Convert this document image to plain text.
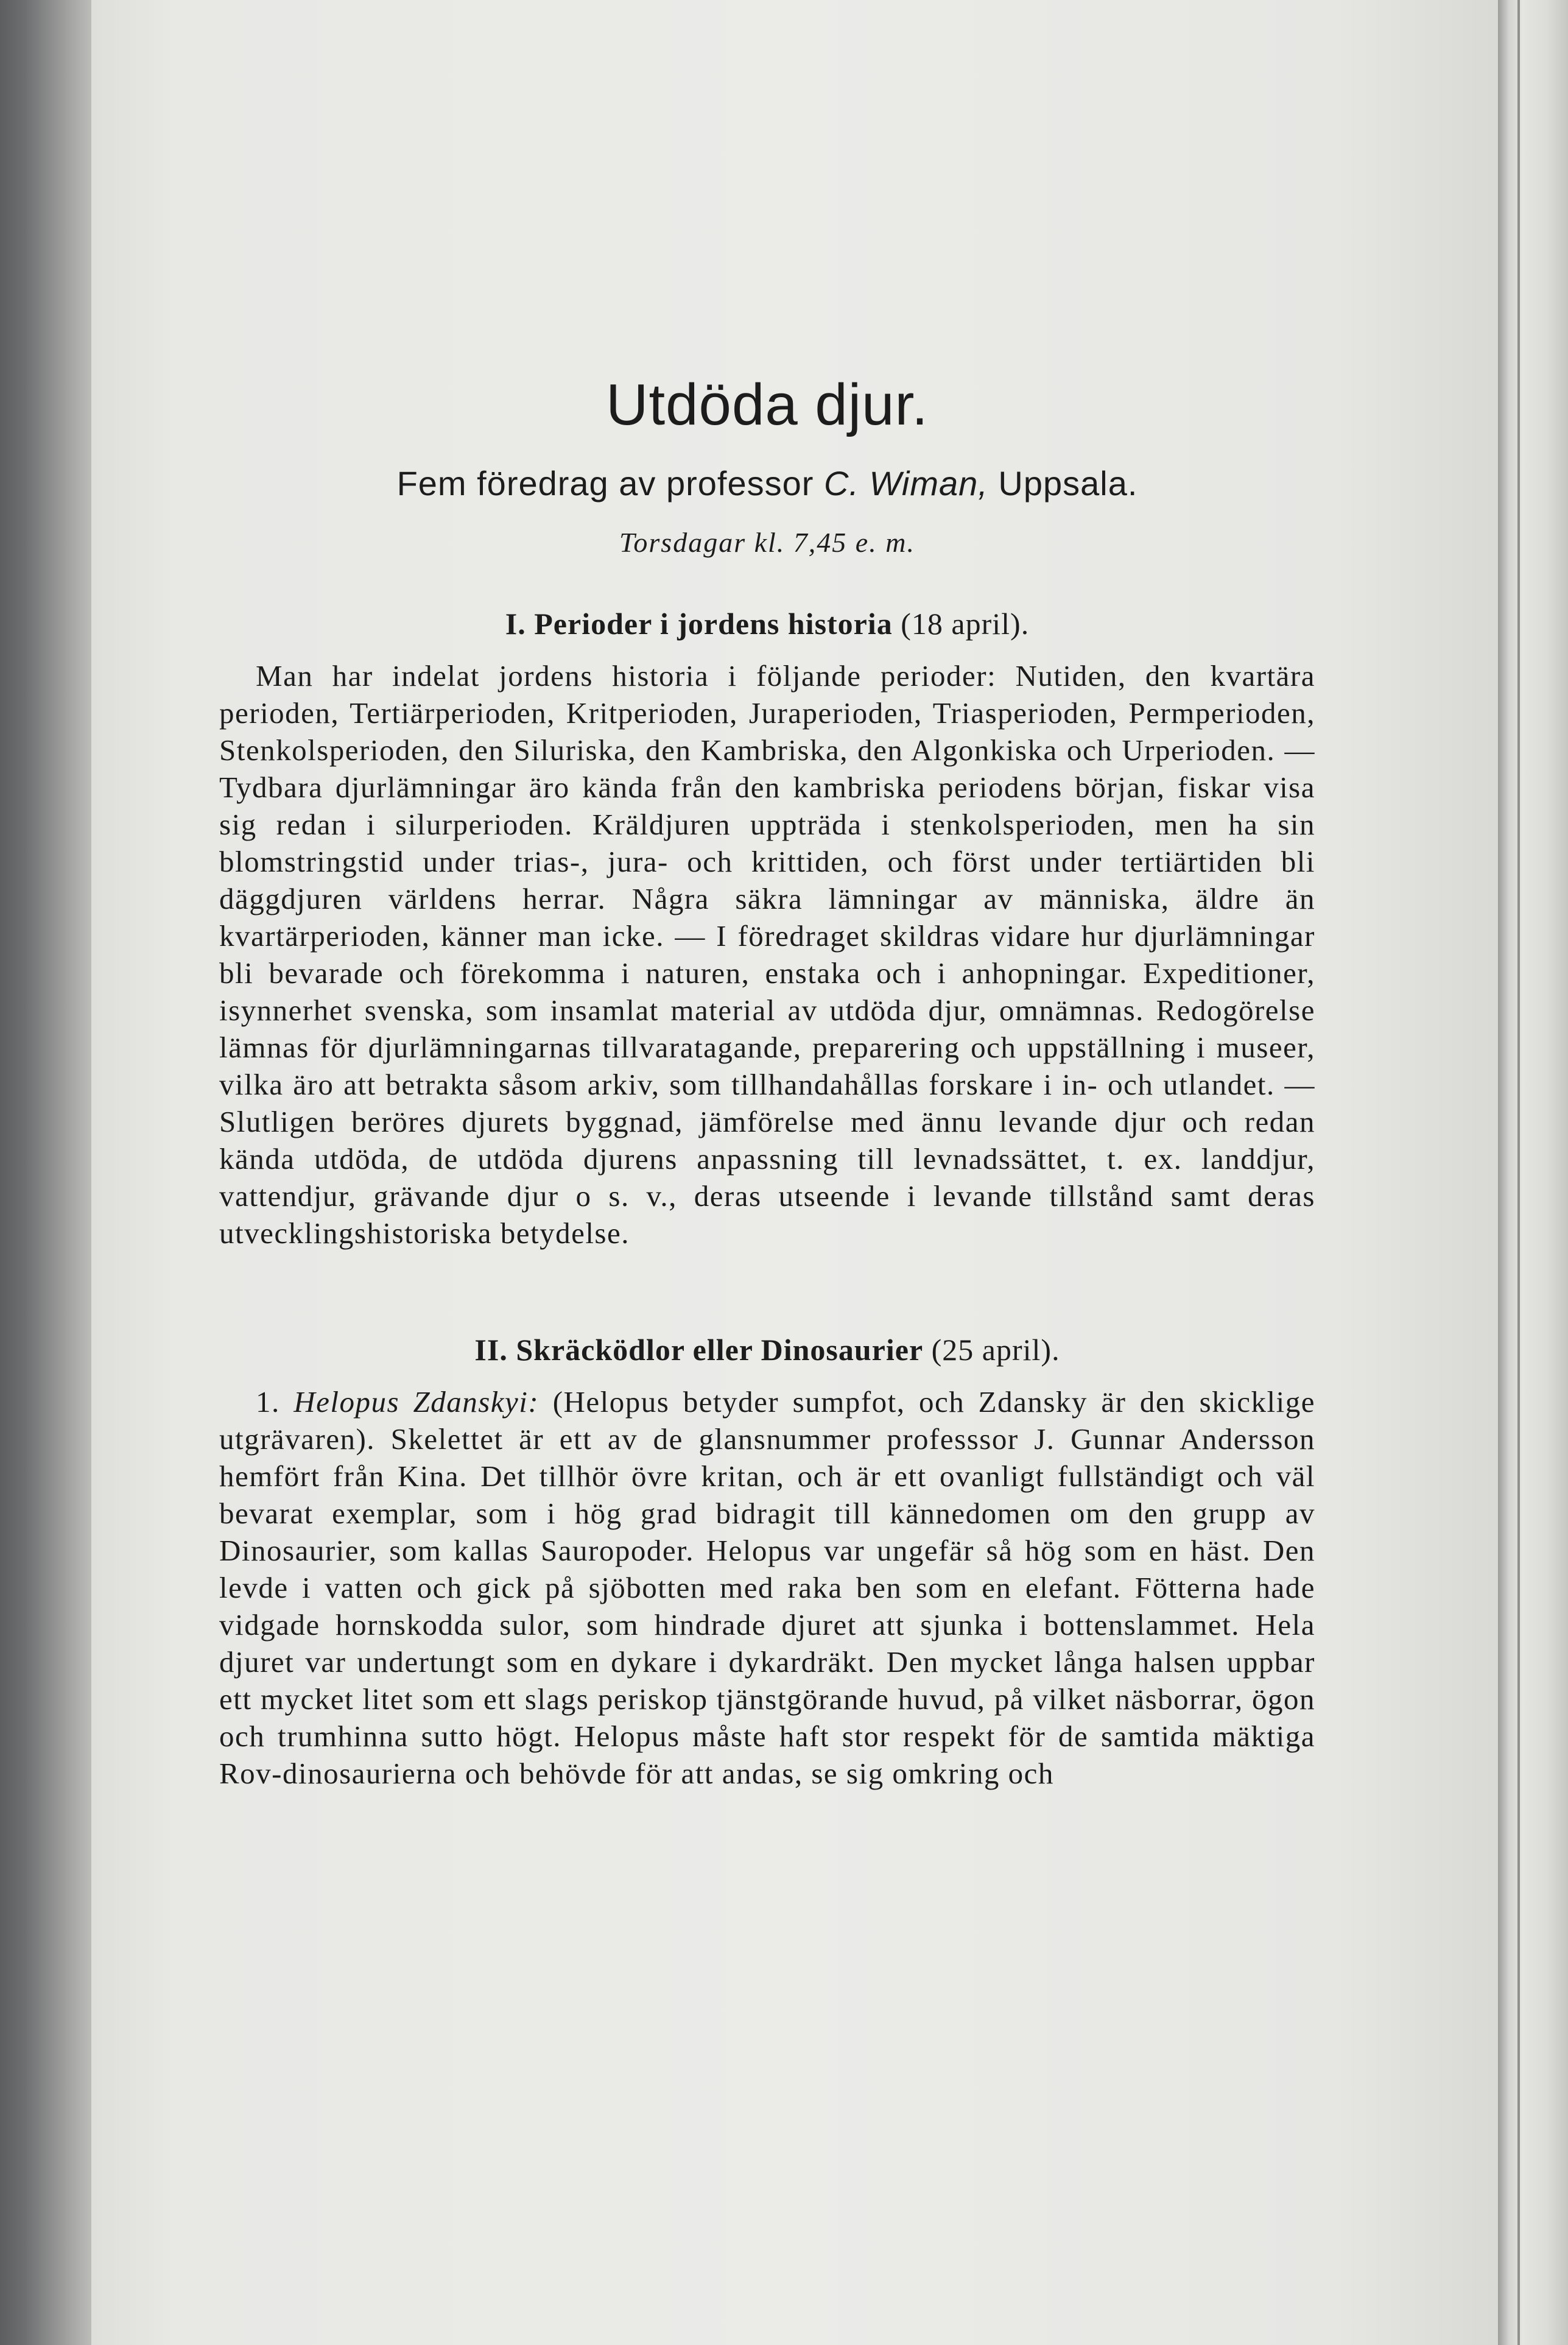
Utdöda djur.
Fem föredrag av professor C. Wiman, Uppsala.
Torsdagar kl. 7,45 e. m.
I. Perioder i jordens historia (18 april).

Man har indelat jordens historia i följande perioder: Nutiden, den kvartära perioden, Tertiärperioden, Kritperioden, Juraperioden, Triasperioden, Permperioden, Stenkolsperioden, den Siluriska, den Kambriska, den Algonkiska och Urperioden. — Tydbara djurlämningar äro kända från den kambriska periodens början, fiskar visa sig redan i silurperioden. Kräldjuren uppträda i stenkolsperioden, men ha sin blomstringstid under trias-, jura- och krittiden, och först under tertiärtiden bli däggdjuren världens herrar. Några säkra lämningar av människa, äldre än kvartärperioden, känner man icke. — I föredraget skildras vidare hur djurlämningar bli bevarade och förekomma i naturen, enstaka och i anhopningar. Expeditioner, isynnerhet svenska, som insamlat material av utdöda djur, omnämnas. Redogörelse lämnas för djurlämningarnas tillvaratagande, preparering och uppställning i museer, vilka äro att betrakta såsom arkiv, som tillhandahållas forskare i in- och utlandet. — Slutligen beröres djurets byggnad, jämförelse med ännu levande djur och redan kända utdöda, de utdöda djurens anpassning till levnadssättet, t. ex. landdjur, vattendjur, grävande djur o s. v., deras utseende i levande tillstånd samt deras utvecklingshistoriska betydelse.

II. Skräcködlor eller Dinosaurier (25 april).

1. Helopus Zdanskyi: (Helopus betyder sumpfot, och Zdansky är den skicklige utgrävaren). Skelettet är ett av de glansnummer professsor J. Gunnar Andersson hemfört från Kina. Det tillhör övre kritan, och är ett ovanligt fullständigt och väl bevarat exemplar, som i hög grad bidragit till kännedomen om den grupp av Dinosaurier, som kallas Sauropoder. Helopus var ungefär så hög som en häst. Den levde i vatten och gick på sjöbotten med raka ben som en elefant. Fötterna hade vidgade hornskodda sulor, som hindrade djuret att sjunka i bottenslammet. Hela djuret var undertungt som en dykare i dykardräkt. Den mycket långa halsen uppbar ett mycket litet som ett slags periskop tjänstgörande huvud, på vilket näsborrar, ögon och trumhinna sutto högt. Helopus måste haft stor respekt för de samtida mäktiga Rov-dinosaurierna och behövde för att andas, se sig omkring och
